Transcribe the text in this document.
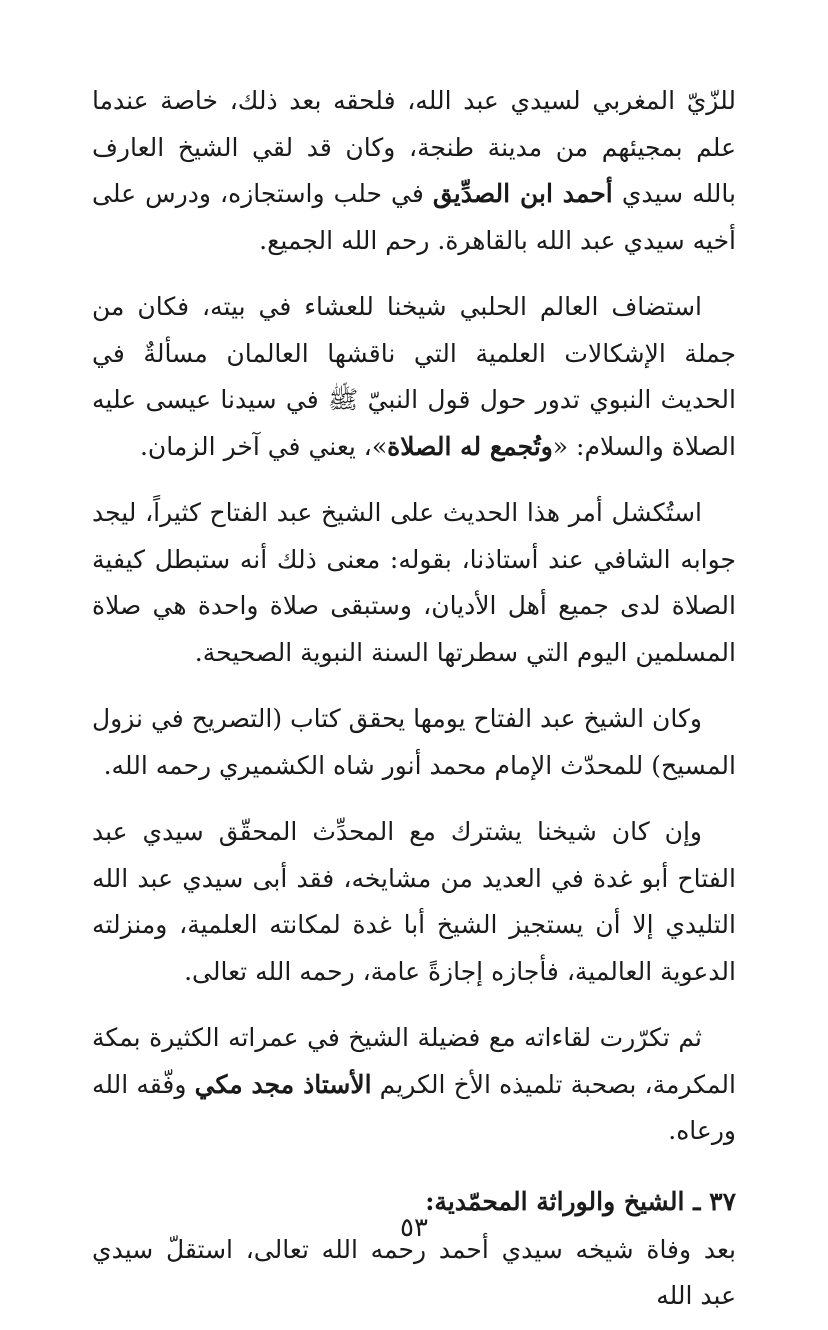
للزّيّ المغربي لسيدي عبد الله، فلحقه بعد ذلك، خاصة عندما علم بمجيئهم من مدينة طنجة، وكان قد لقي الشيخ العارف بالله سيدي أحمد ابن الصدِّيق في حلب واستجازه، ودرس على أخيه سيدي عبد الله بالقاهرة. رحم الله الجميع.

استضاف العالم الحلبي شيخنا للعشاء في بيته، فكان من جملة الإشكالات العلمية التي ناقشها العالمان مسألةٌ في الحديث النبوي تدور حول قول النبيّ ﷺ في سيدنا عيسى عليه الصلاة والسلام: «وتُجمع له الصلاة»، يعني في آخر الزمان.

استُكشل أمر هذا الحديث على الشيخ عبد الفتاح كثيراً، ليجد جوابه الشافي عند أستاذنا، بقوله: معنى ذلك أنه ستبطل كيفية الصلاة لدى جميع أهل الأديان، وستبقى صلاة واحدة هي صلاة المسلمين اليوم التي سطرتها السنة النبوية الصحيحة.

وكان الشيخ عبد الفتاح يومها يحقق كتاب (التصريح في نزول المسيح) للمحدّث الإمام محمد أنور شاه الكشميري رحمه الله.

وإن كان شيخنا يشترك مع المحدِّث المحقّق سيدي عبد الفتاح أبو غدة في العديد من مشايخه، فقد أبى سيدي عبد الله التليدي إلا أن يستجيز الشيخ أبا غدة لمكانته العلمية، ومنزلته الدعوية العالمية، فأجازه إجازةً عامة، رحمه الله تعالى.

ثم تكرّرت لقاءاته مع فضيلة الشيخ في عمراته الكثيرة بمكة المكرمة، بصحبة تلميذه الأخ الكريم الأستاذ مجد مكي وفّقه الله ورعاه.

٣٧ ـ الشيخ والوراثة المحمّدية:

بعد وفاة شيخه سيدي أحمد رحمه الله تعالى، استقلّ سيدي عبد الله

٥٣
